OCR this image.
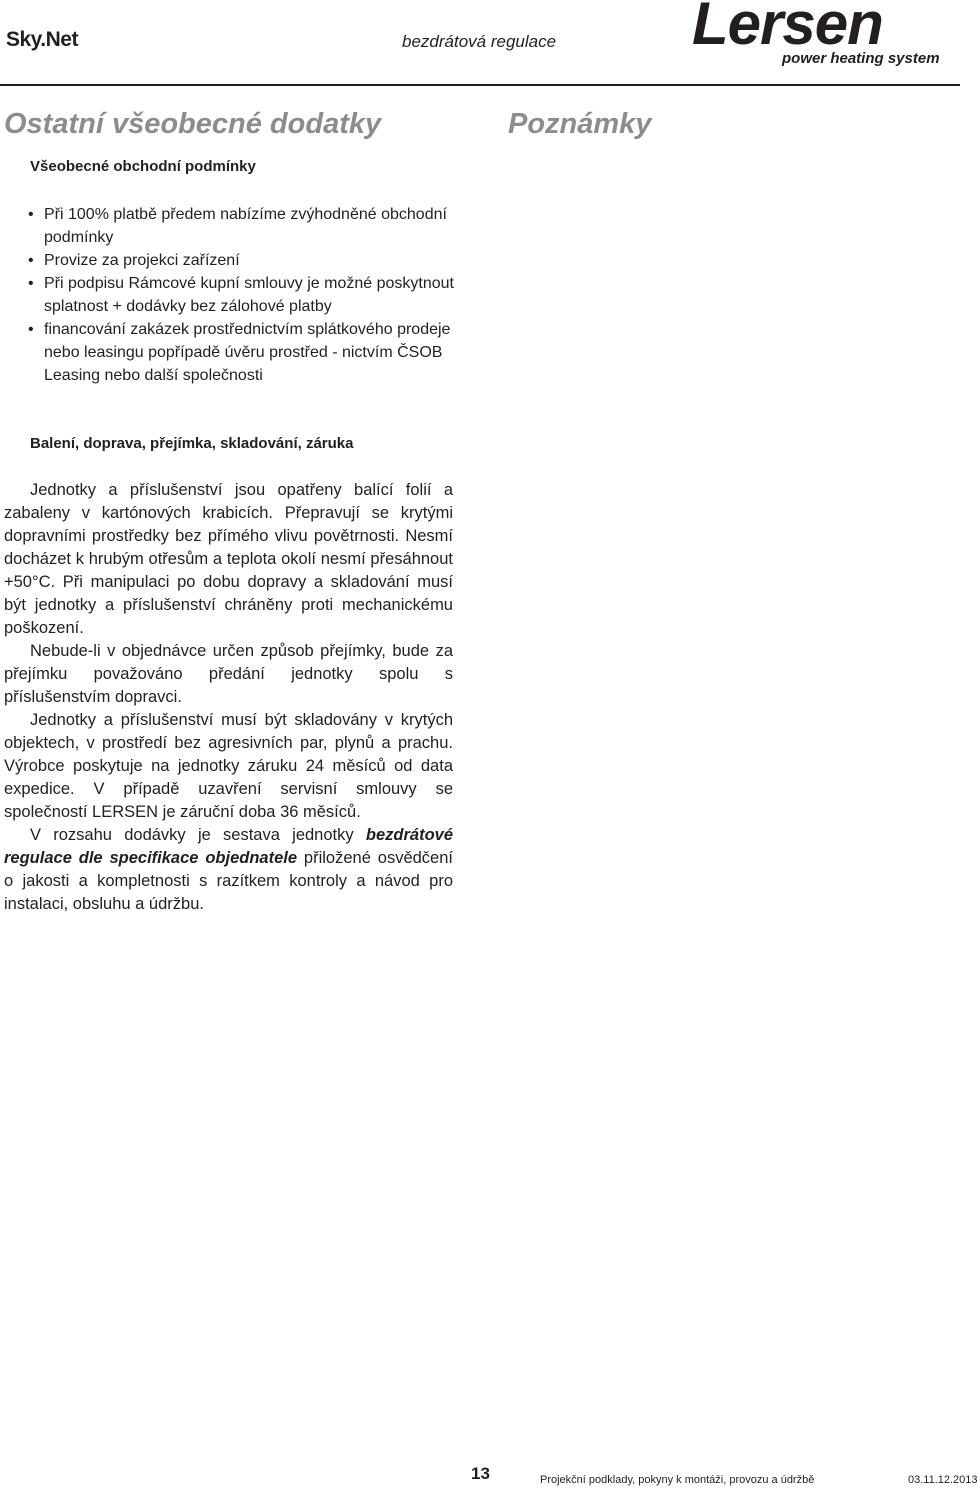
Sky.Net	bezdrátová regulace Lersen
power heating system
Ostatní všeobecné dodatky	Poznámky
Všeobecné obchodní podmínky
• Při 100% platbě předem nabízíme zvýhodněné obchodní podmínky
• Provize za projekci zařízení
• Při podpisu Rámcové kupní smlouvy je možné poskytnout splatnost + dodávky bez zálohové platby
• financování zakázek prostřednictvím splátkového prodeje nebo leasingu popřípadě úvěru prostřed - nictvím ČSOB Leasing nebo další společnosti
Balení, doprava, přejímka, skladování, záruka

Jednotky a příslušenství jsou opatřeny balící folií a zabaleny v kartónových krabicích. Přepravují se krytými dopravními prostředky bez přímého vlivu povětrnosti. Nesmí docházet k hrubým otřesům a teplota okolí nesmí přesáhnout +50°C. Při manipulaci po dobu dopravy a skladování musí být jednotky a příslušenství chráněny proti mechanickému poškození.

Nebude-li v objednávce určen způsob přejímky, bude za přejímku považováno předání jednotky spolu s příslušenstvím dopravci.

Jednotky a příslušenství musí být skladovány v krytých objektech, v prostředí bez agresivních par, plynů a prachu. Výrobce poskytuje na jednotky záruku 24 měsíců od data expedice. V případě uzavření servisní smlouvy se společností LERSEN je záruční doba 36 měsíců.

V rozsahu dodávky je sestava jednotky bezdrátové regulace dle specifikace objednatele přiložené osvědčení o jakosti a kompletnosti s razítkem kontroly a návod pro instalaci, obsluhu a údržbu.

13	Projekční podklady, pokyny k montáži, provozu a údržbě	03.11.12.2013
